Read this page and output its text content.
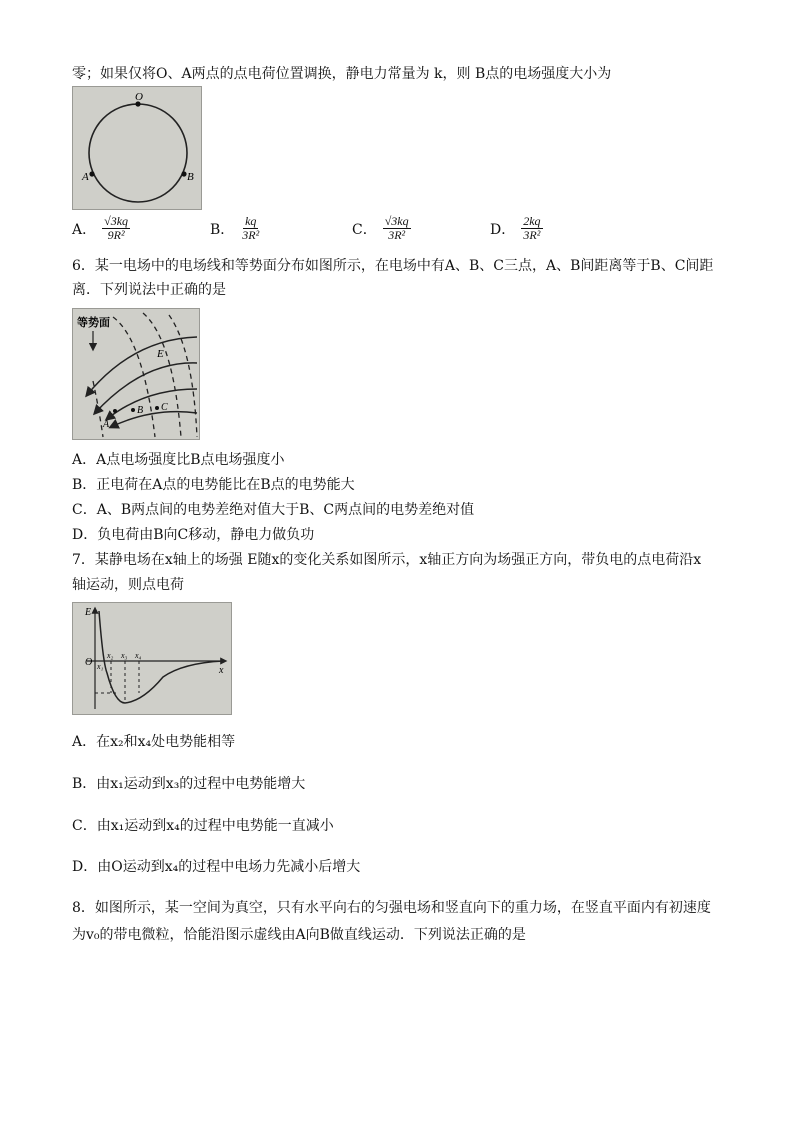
零；如果仅将O、A两点的点电荷位置调换，静电力常量为 k，则 B点的电场强度大小为
O
A	B
A． $\frac{√3kq}{\text{9R²}}$	B． $\frac{kq}{\text{3R²}}$	C． $\frac{√3kq}{\text{3R²}}$	D． $\frac{2kq}{\text{3R²}}$
6．某一电场中的电场线和等势面分布如图所示，在电场中有A、B、C三点，A、B间距离等于B、C间距
离．下列说法中正确的是
等势面
E
A
B C
A．A点电场强度比B点电场强度小
B．正电荷在A点的电势能比在B点的电势能大
C．A、B两点间的电势差绝对值大于B、C两点间的电势差绝对值
D．负电荷由B向C移动，静电力做负功
7．某静电场在x轴上的场强 E随x的变化关系如图所示，x轴正方向为场强正方向，带负电的点电荷沿x
轴运动，则点电荷
E
O
x
x₁
x₂ x₃ x₄
A．在x₂和x₄处电势能相等
B．由x₁运动到x₃的过程中电势能增大
C．由x₁运动到x₄的过程中电势能一直减小
D．由O运动到x₄的过程中电场力先减小后增大
8．如图所示，某一空间为真空，只有水平向右的匀强电场和竖直向下的重力场，在竖直平面内有初速度
为v₀的带电微粒，恰能沿图示虚线由A向B做直线运动．下列说法正确的是
